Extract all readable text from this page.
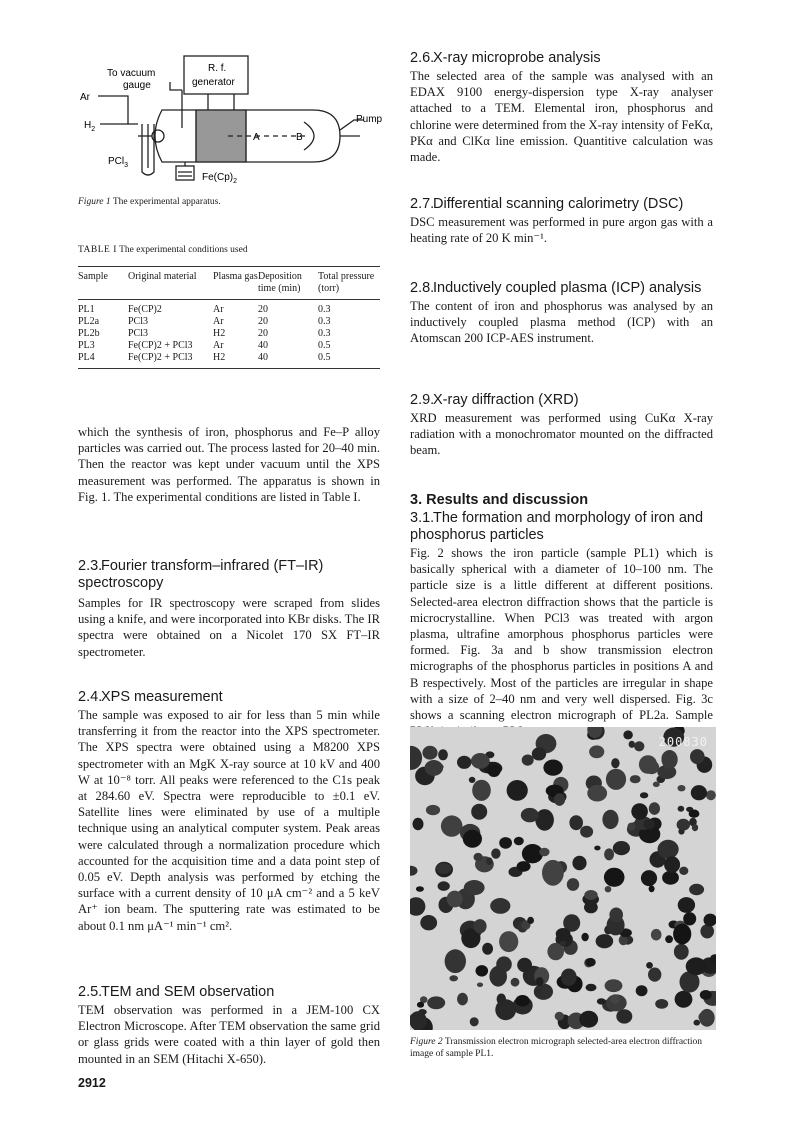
To vacuum
gauge
R. f.
generator
Ar
$H_2$
Pump
PCl$_3$
$Fe(Cp)_2$
A	B
Figure 1 The experimental apparatus.
TABLE I The experimental conditions used
Sample	Original material	Plasma gas	Deposition time (min)	Total pressure (torr)
PL1	Fe(CP)2	Ar	20	0.3
PL2a	PCl3	Ar	20	0.3
PL2b	PCl3	H2	20	0.3
PL3	Fe(CP)2 + PCl3	Ar	40	0.5
PL4	Fe(CP)2 + PCl3	H2	40	0.5

which the synthesis of iron, phosphorus and Fe–P alloy particles was carried out. The process lasted for 20–40 min. Then the reactor was kept under vacuum until the XPS measurement was performed. The apparatus is shown in Fig. 1. The experimental conditions are listed in Table I.

2.3.Fourier transform–infrared (FT–IR) spectroscopy

Samples for IR spectroscopy were scraped from slides using a knife, and were incorporated into KBr disks. The IR spectra were obtained on a Nicolet 170 SX FT–IR spectrometer.

2.4.XPS measurement

The sample was exposed to air for less than 5 min while transferring it from the reactor into the XPS spectrometer. The XPS spectra were obtained using a M8200 XPS spectrometer with an MgK X-ray source at 10 kV and 400 W at 10⁻⁸ torr. All peaks were referenced to the C1s peak at 284.60 eV. Spectra were reproducible to ±0.1 eV. Satellite lines were eliminated by use of a multiple technique using an analytical computer system. Peak areas were calculated through a normalization procedure which accounted for the acquisition time and a data point step of 0.05 eV. Depth analysis was performed by etching the surface with a current density of 10 μA cm⁻² and a 5 keV Ar⁺ ion beam. The sputtering rate was estimated to be about 0.1 nm μA⁻¹ min⁻¹ cm².

2.5.TEM and SEM observation

TEM observation was performed in a JEM-100 CX Electron Microscope. After TEM observation the same grid or glass grids were coated with a thin layer of gold then mounted in an SEM (Hitachi X-650).

2912
2.6.X-ray microprobe analysis

The selected area of the sample was analysed with an EDAX 9100 energy-dispersion type X-ray analyser attached to a TEM. Elemental iron, phosphorus and chlorine were determined from the X-ray intensity of FeKα, PKα and ClKα line emission. Quantitive calculation was made.

2.7.Differential scanning calorimetry (DSC)

DSC measurement was performed in pure argon gas with a heating rate of 20 K min⁻¹.

2.8.Inductively coupled plasma (ICP) analysis

The content of iron and phosphorus was analysed by an inductively coupled plasma method (ICP) with an Atomscan 200 ICP-AES instrument.

2.9.X-ray diffraction (XRD)

XRD measurement was performed using CuKα X-ray radiation with a monochromator mounted on the diffracted beam.

3. Results and discussion
3.1.The formation and morphology of iron and phosphorus particles

Fig. 2 shows the iron particle (sample PL1) which is basically spherical with a diameter of 10–100 nm. The particle size is a little different at different positions. Selected-area electron diffraction shows that the particle is microcrystalline. When PCl3 was treated with argon plasma, ultrafine amorphous phosphorus particles were formed. Fig. 3a and b show transmission electron micrographs of the phosphorus particles in positions A and B respectively. Most of the particles are irregular in shape with a size of 2–40 nm and very well dispersed. Fig. 3c shows a scanning electron micrograph of PL2a. Sample

200830
Figure 2 Transmission electron micrograph selected-area electron diffraction image of sample PL1.
